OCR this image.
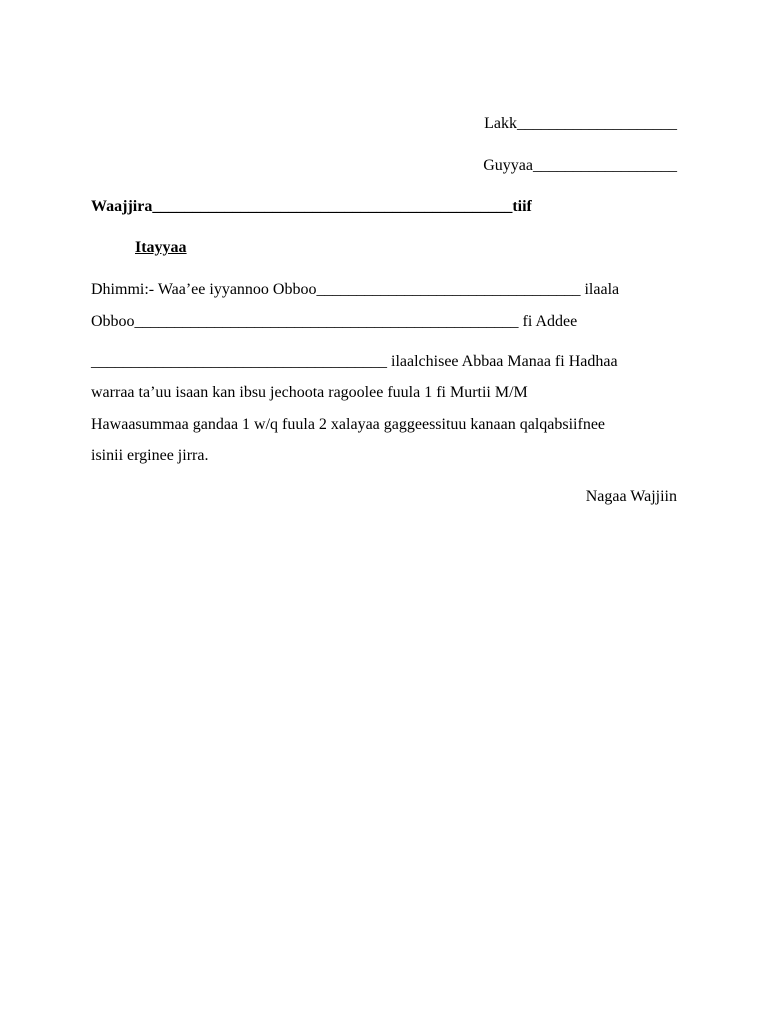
Lakk____________________
Guyyaa__________________
Waajjira_____________________________________________tiif
Itayyaa
Dhimmi:- Waa’ee iyyannoo Obboo_________________________________ ilaala
Obboo________________________________________________ fi Addee
_____________________________________ ilaalchisee Abbaa Manaa fi Hadhaa
warraa ta’uu isaan kan ibsu jechoota ragoolee fuula 1 fi Murtii M/M
Hawaasummaa gandaa 1 w/q fuula 2 xalayaa gaggeessituu kanaan qalqabsiifnee
isinii erginee jirra.
Nagaa Wajjiin
